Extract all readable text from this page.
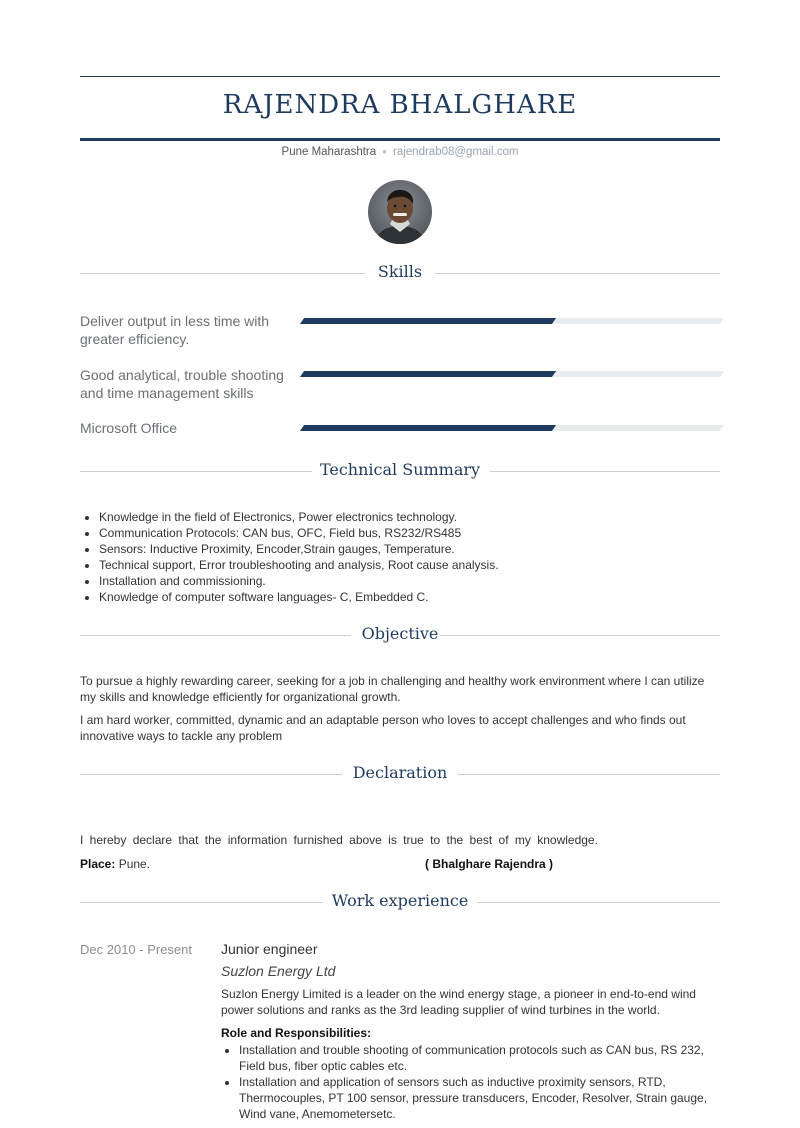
RAJENDRA BHALGHARE
Pune Maharashtra ● rajendrab08@gmail.com
Skills
Deliver output in less time with greater efficiency.
Good analytical, trouble shooting and time management skills
Microsoft Office
Technical Summary
• Knowledge in the field of Electronics, Power electronics technology.
• Communication Protocols: CAN bus, OFC, Field bus, RS232/RS485
• Sensors: Inductive Proximity, Encoder,Strain gauges, Temperature.
• Technical support, Error troubleshooting and analysis, Root cause analysis.
• Installation and commissioning.
• Knowledge of computer software languages- C, Embedded C.
Objective

To pursue a highly rewarding career, seeking for a job in challenging and healthy work environment where I can utilize my skills and knowledge efficiently for organizational growth.

I am hard worker, committed, dynamic and an adaptable person who loves to accept challenges and who finds out innovative ways to tackle any problem

Declaration
I hereby declare that the information furnished above is true to the best of my knowledge.
Place: Pune.	( Bhalghare Rajendra )
Work experience
Dec 2010 - Present Junior engineer
Suzlon Energy Ltd

Suzlon Energy Limited is a leader on the wind energy stage, a pioneer in end-to-end wind power solutions and ranks as the 3rd leading supplier of wind turbines in the world.

Role and Responsibilities:
• Installation and trouble shooting of communication protocols such as CAN bus, RS 232, Field bus, fiber optic cables etc.
• Installation and application of sensors such as inductive proximity sensors, RTD, Thermocouples, PT 100 sensor, pressure transducers, Encoder, Resolver, Strain gauge, Wind vane, Anemometersetc.
